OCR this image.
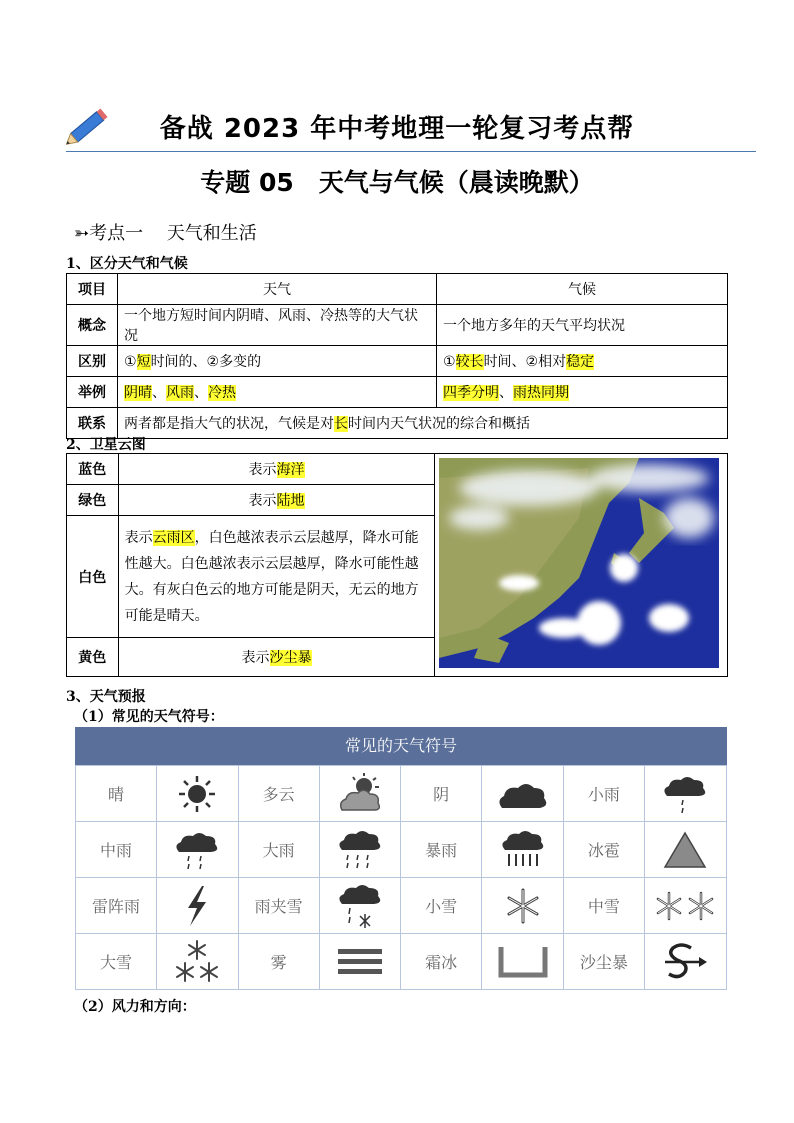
备战 2023 年中考地理一轮复习考点帮
专题 05　天气与气候（晨读晚默）
➳考点一　 天气和生活
1、区分天气和气候
项目	天气	气候
概念	一个地方短时间内阴晴、风雨、冷热等的大气状况	一个地方多年的天气平均状况
区别	①短时间的、②多变的	①较长时间、②相对稳定
举例	阴晴、风雨、冷热	四季分明、雨热同期
联系	两者都是指大气的状况，气候是对长时间内天气状况的综合和概括	
2、卫星云图
蓝色	表示海洋	
绿色	表示陆地	
白色	表示云雨区，白色越浓表示云层越厚，降水可能性越大。白色越浓表示云层越厚，降水可能性越大。有灰白色云的地方可能是阴天，无云的地方可能是晴天。	
黄色	表示沙尘暴	
3、天气预报
（1）常见的天气符号：
常见的天气符号
晴		多云		阴		小雨	

中雨		大雨		暴雨		冰雹	

雷阵雨		雨夹雪		小雪		中雪	

大雪		雾		霜冰		沙尘暴	
（2）风力和方向：
